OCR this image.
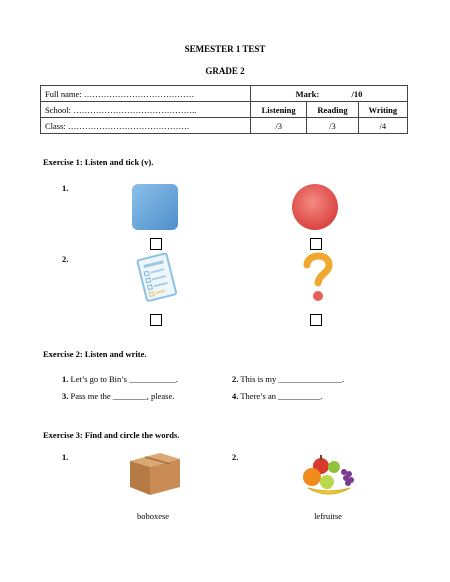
SEMESTER 1 TEST
GRADE 2
Full name: …………………………………	Mark: /10		
School: ……………………………………..	Listening	Reading	Writing
Class: …………………………………….	/3	/3	/4
Exercise 1: Listen and tick (v).
1.
2.
Exercise 2: Listen and write.
1. Let’s go to Bin’s ___________.	2. This is my _______________.
3. Pass me the ________, please.	4. There’s an __________.
Exercise 3: Find and circle the words.
1.	2.
boboxese	lefruitse
